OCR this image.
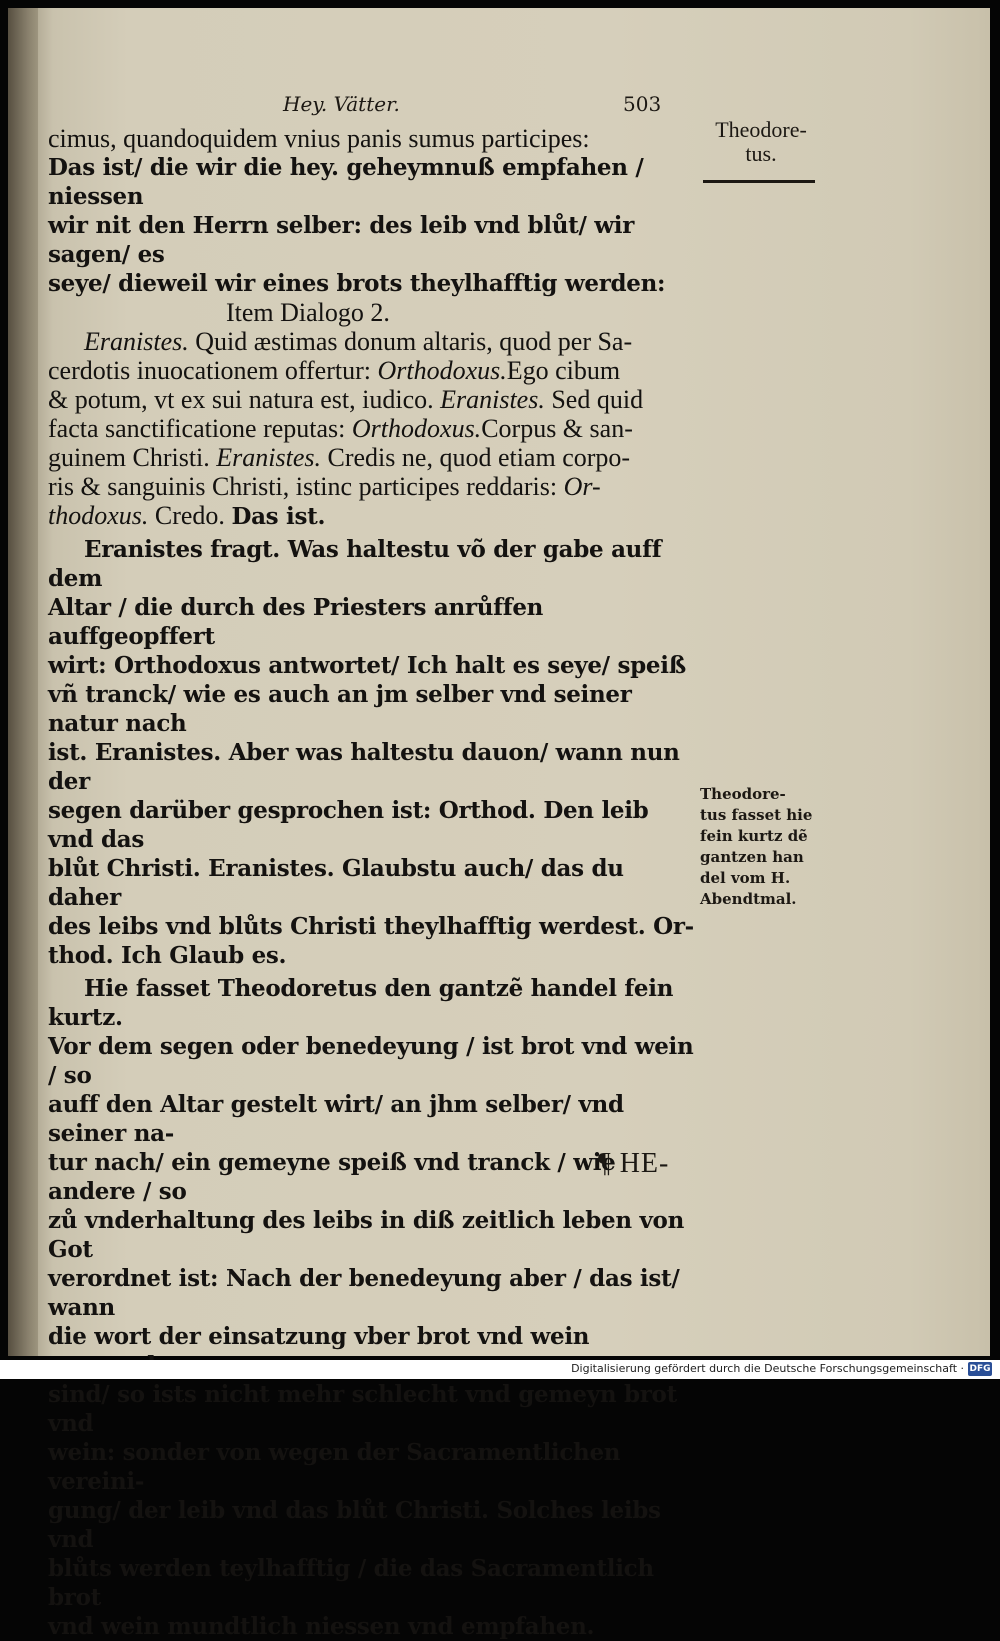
Hey. Vätter.	503
Theodore-
tus.

cimus, quandoquidem vnius panis sumus participes:

Das ist/ die wir die hey. geheymnuß empfahen / niessen

wir nit den Herrn selber: des leib vnd blůt/ wir sagen/ es

seye/ dieweil wir eines brots theylhafftig werden:

Item Dialogo 2.

Eranistes. Quid æstimas donum altaris, quod per Sa-

cerdotis inuocationem offertur: Orthodoxus.Ego cibum

& potum, vt ex sui natura est, iudico. Eranistes. Sed quid

facta sanctificatione reputas: Orthodoxus.Corpus & san-

guinem Christi. Eranistes. Credis ne, quod etiam corpo-

ris & sanguinis Christi, istinc participes reddaris: Or-

thodoxus. Credo. Das ist.

Eranistes fragt. Was haltestu võ der gabe auff dem

Altar / die durch des Priesters anrůffen auffgeopffert

wirt: Orthodoxus antwortet/ Ich halt es seye/ speiß

vñ tranck/ wie es auch an jm selber vnd seiner natur nach

ist. Eranistes. Aber was haltestu dauon/ wann nun der

segen darüber gesprochen ist: Orthod. Den leib vnd das

blůt Christi. Eranistes. Glaubstu auch/ das du daher

des leibs vnd blůts Christi theylhafftig werdest. Or-

thod. Ich Glaub es.

Hie fasset Theodoretus den gantzẽ handel fein kurtz.

Vor dem segen oder benedeyung / ist brot vnd wein / so

auff den Altar gestelt wirt/ an jhm selber/ vnd seiner na-

tur nach/ ein gemeyne speiß vnd tranck / wie andere / so

zů vnderhaltung des leibs in diß zeitlich leben von Got

verordnet ist: Nach der benedeyung aber / das ist/ wann

die wort der einsatzung vber brot vnd wein

sind/ so ists nicht mehr schlecht vnd gemeyn brot vnd

wein: sonder von wegen der Sacramentlichen vereini-

gung/ der leib vnd das blůt Christi. Solches leibs vnd

blůts werden teylhafftig / die das Sacramentlich brot

vnd wein mundtlich niessen vnd empfahen.

Theodore-
tus fasset hie
fein kurtz dẽ
gantzen han
del vom H.
Abendtmal.
¶ HE-
Digitalisierung gefördert durch die Deutsche Forschungsgemeinschaft · DFG
